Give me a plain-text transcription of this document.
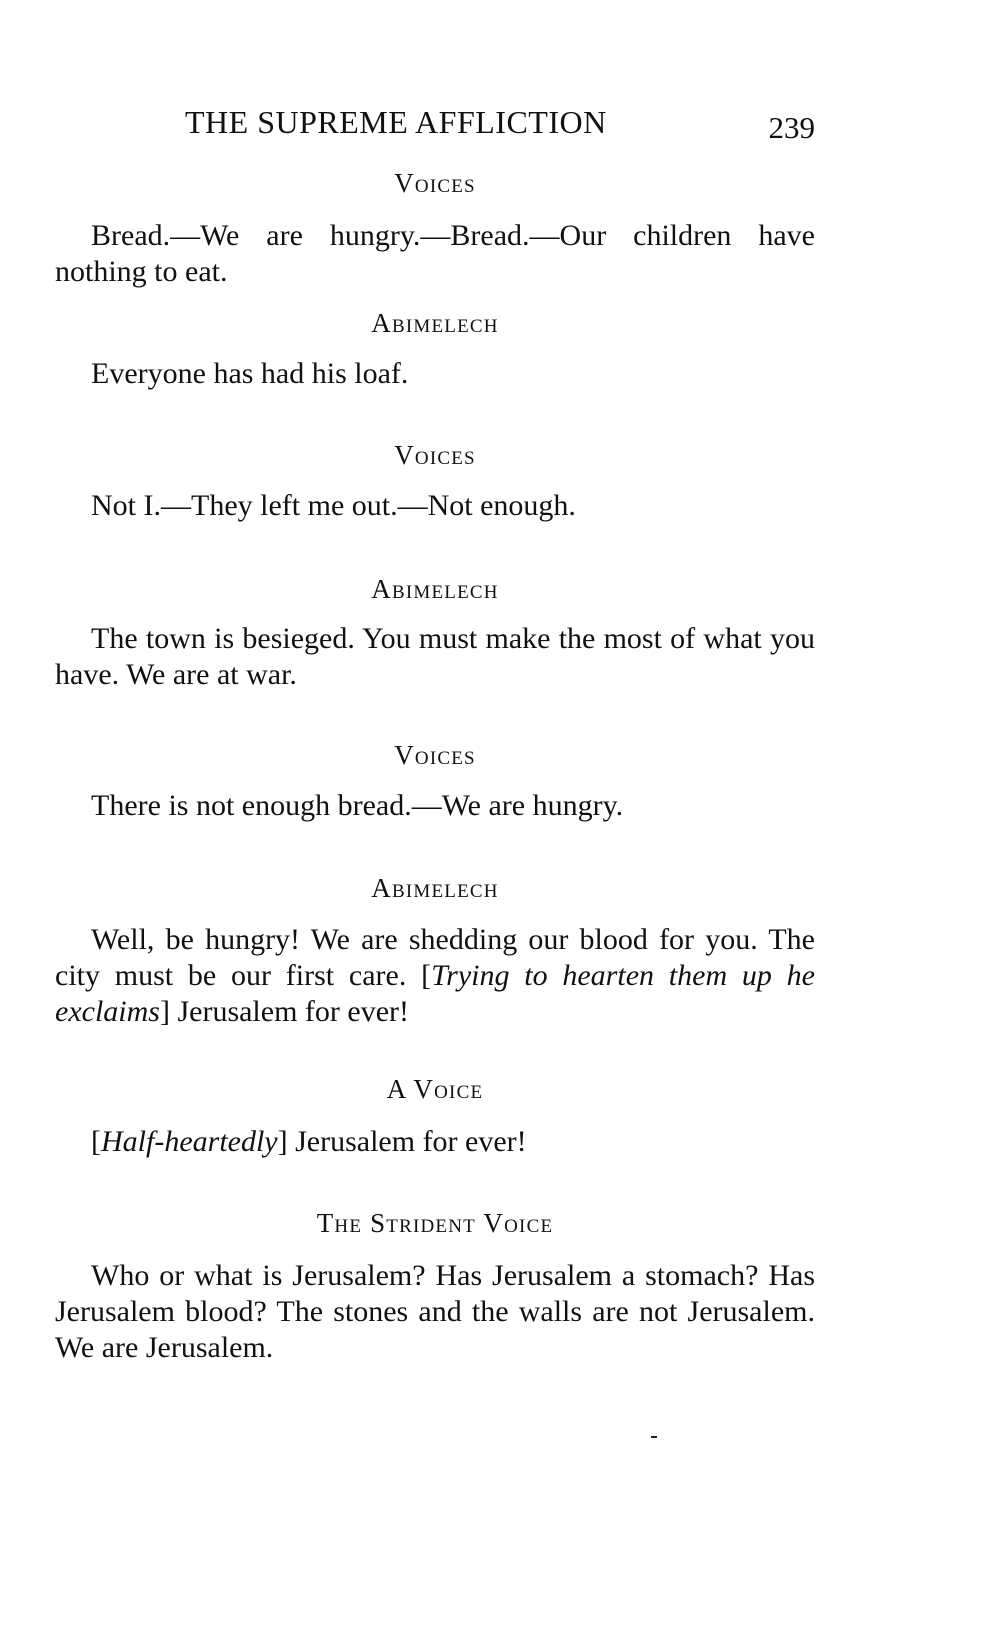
THE SUPREME AFFLICTION	239
Voices

Bread.—We are hungry.—Bread.—Our children have nothing to eat.

Abimelech

Everyone has had his loaf.

Voices

Not I.—They left me out.—Not enough.

Abimelech

The town is besieged. You must make the most of what you have. We are at war.

Voices

There is not enough bread.—We are hungry.

Abimelech

Well, be hungry! We are shedding our blood for you. The city must be our first care. [Trying to hearten them up he exclaims] Jerusalem for ever!

A Voice

[Half-heartedly] Jerusalem for ever!

The Strident Voice

Who or what is Jerusalem? Has Jerusalem a stomach? Has Jerusalem blood? The stones and the walls are not Jerusalem. We are Jerusalem.
